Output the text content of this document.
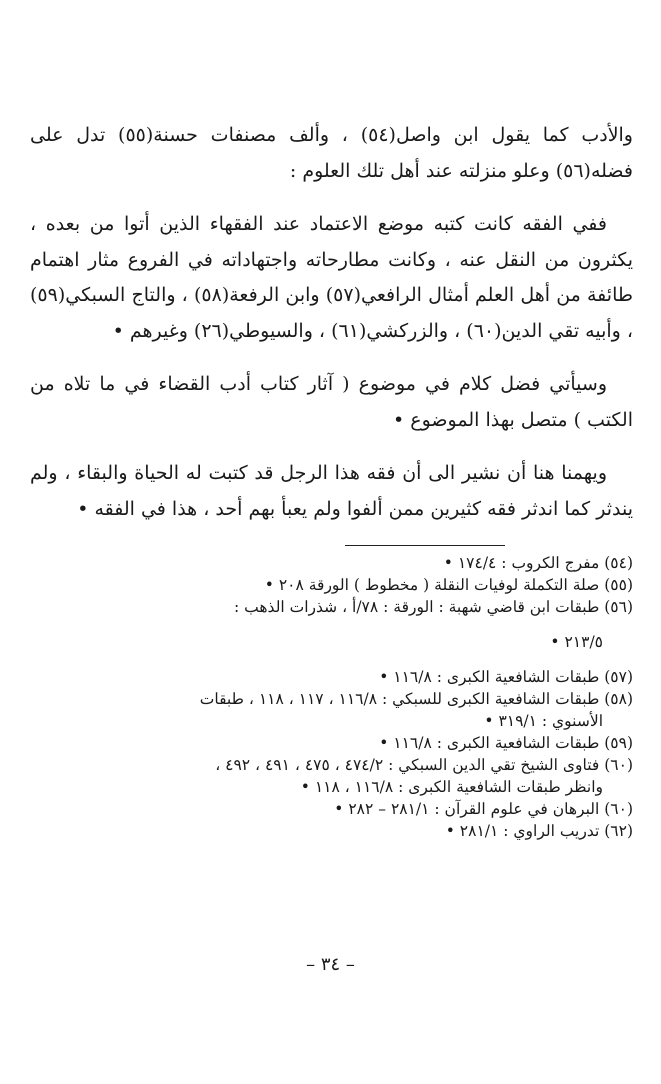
والأدب كما يقول ابن واصل(٥٤) ، وألف مصنفات حسنة(٥٥) تدل على فضله(٥٦) وعلو منزلته عند أهل تلك العلوم :

ففي الفقه كانت كتبه موضع الاعتماد عند الفقهاء الذين أتوا من بعده ، يكثرون من النقل عنه ، وكانت مطارحاته واجتهاداته في الفروع مثار اهتمام طائفة من أهل العلم أمثال الرافعي(٥٧) وابن الرفعة(٥٨) ، والتاج السبكي(٥٩) ، وأبيه تقي الدين(٦٠) ، والزركشي(٦١) ، والسيوطي(٢٦) وغيرهم •

وسيأتي فضل كلام في موضوع ( آثار كتاب أدب القضاء في ما تلاه من الكتب ) متصل بهذا الموضوع •

ويهمنا هنا أن نشير الى أن فقه هذا الرجل قد كتبت له الحياة والبقاء ، ولم يندثر كما اندثر فقه كثيرين ممن ألفوا ولم يعبأ بهم أحد ، هذا في الفقه •

(٥٤) مفرج الكروب : ١٧٤/٤ •

(٥٥) صلة التكملة لوفيات النقلة ( مخطوط ) الورقة ٢٠٨ •

(٥٦) طبقات ابن قاضي شهبة : الورقة : ٧٨/أ ، شذرات الذهب :

٢١٣/٥ •

(٥٧) طبقات الشافعية الكبرى : ١١٦/٨ •

(٥٨) طبقات الشافعية الكبرى للسبكي : ١١٦/٨ ، ١١٧ ، ١١٨ ، طبقات

الأسنوي : ٣١٩/١ •

(٥٩) طبقات الشافعية الكبرى : ١١٦/٨ •

(٦٠) فتاوى الشيخ تقي الدين السبكي : ٤٧٤/٢ ، ٤٧٥ ، ٤٩١ ، ٤٩٢ ،

وانظر طبقات الشافعية الكبرى : ١١٦/٨ ، ١١٨ •

(٦٠) البرهان في علوم القرآن : ٢٨١/١ – ٢٨٢ •

(٦٢) تدريب الراوي : ٢٨١/١ •

– ٣٤ –
